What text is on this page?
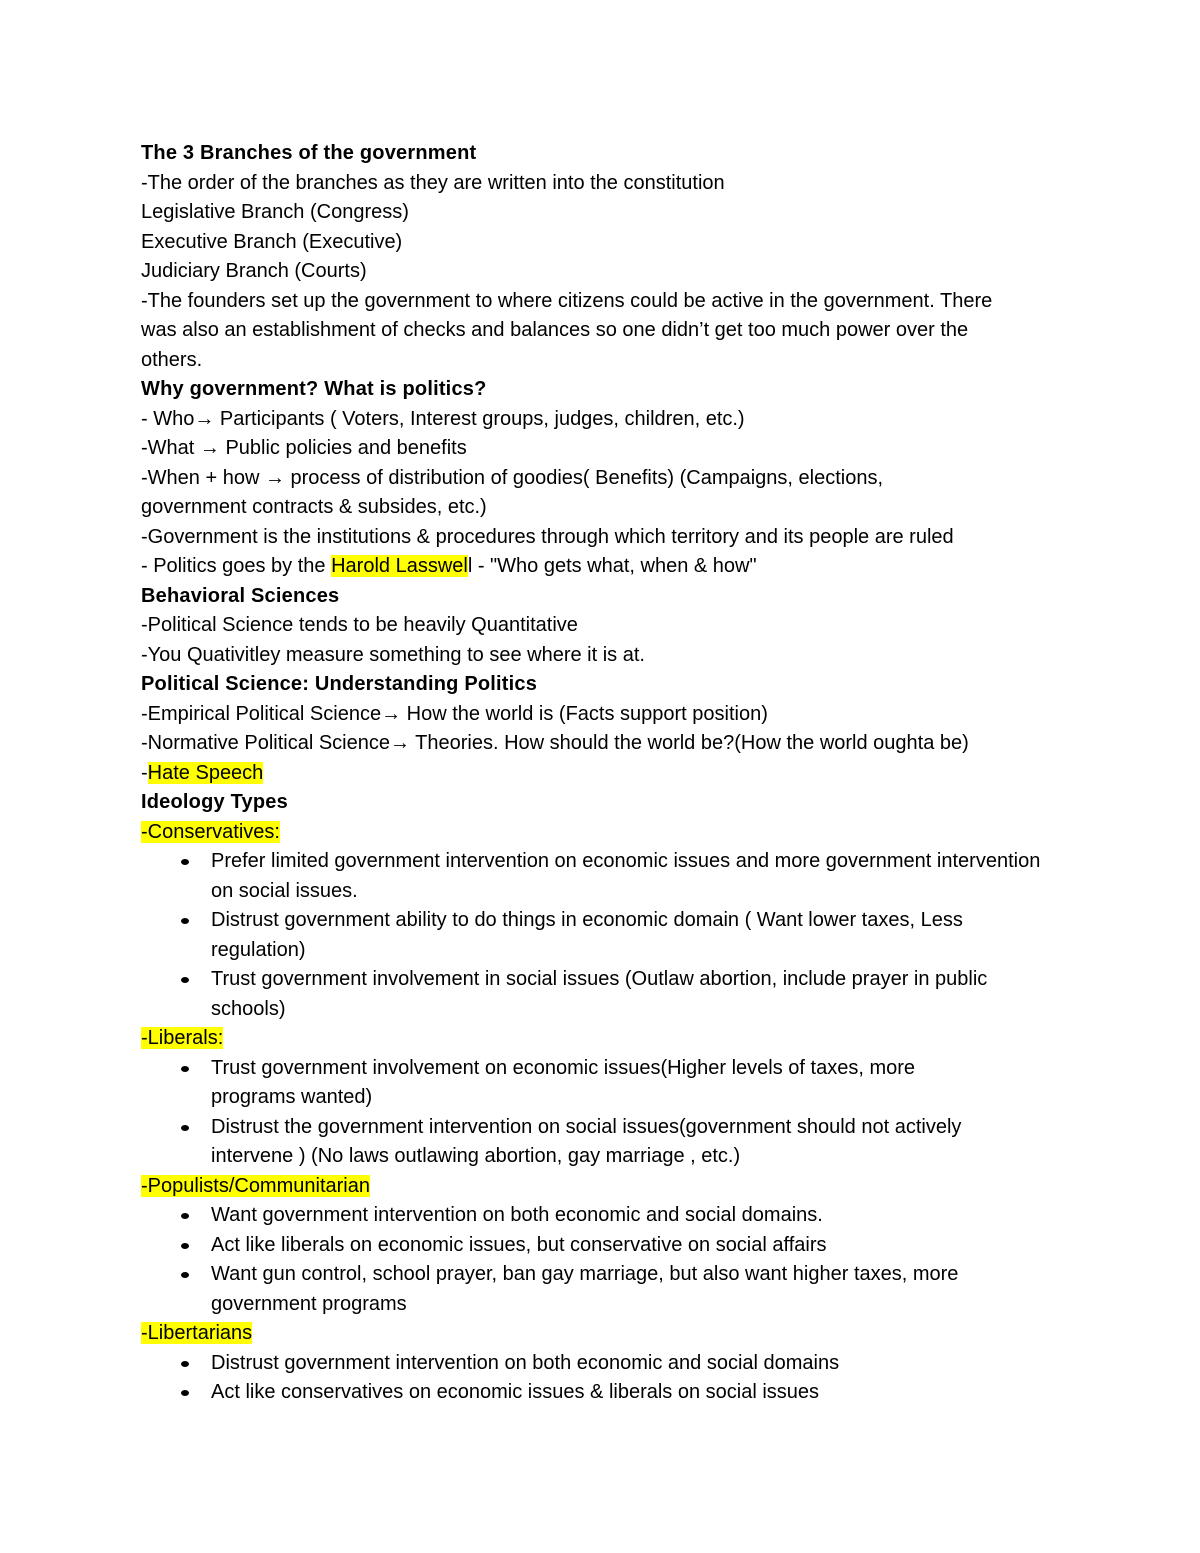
The 3 Branches of the government
-The order of the branches as they are written into the constitution
Legislative Branch (Congress)
Executive Branch (Executive)
Judiciary Branch (Courts)
-The founders set up the government to where citizens could be active in the government. There was also an establishment of checks and balances so one didn’t get too much power over the others.
Why government? What is politics?
- Who→ Participants ( Voters, Interest groups, judges, children, etc.)
-What → Public policies and benefits
-When + how → process of distribution of goodies( Benefits) (Campaigns, elections, government contracts & subsides, etc.)
-Government is the institutions & procedures through which territory and its people are ruled
- Politics goes by the Harold Lasswell - "Who gets what, when & how"
Behavioral Sciences
-Political Science tends to be heavily Quantitative
-You Quativitley measure something to see where it is at.
Political Science: Understanding Politics
-Empirical Political Science→ How the world is (Facts support position)
-Normative Political Science→ Theories. How should the world be?(How the world oughta be)
-Hate Speech
Ideology Types
-Conservatives:
Prefer limited government intervention on economic issues and more government intervention on social issues.
Distrust government ability to do things in economic domain ( Want lower taxes, Less regulation)
Trust government involvement in social issues (Outlaw abortion, include prayer in public schools)
-Liberals:
Trust government involvement on economic issues(Higher levels of taxes, more programs wanted)
Distrust the government intervention on social issues(government should not actively intervene ) (No laws outlawing abortion, gay marriage , etc.)
-Populists/Communitarian
Want government intervention on both economic and social domains.
Act like liberals on economic issues, but conservative on social affairs
Want gun control, school prayer, ban gay marriage, but also want higher taxes, more government programs
-Libertarians
Distrust government intervention on both economic and social domains
Act like conservatives on economic issues & liberals on social issues
